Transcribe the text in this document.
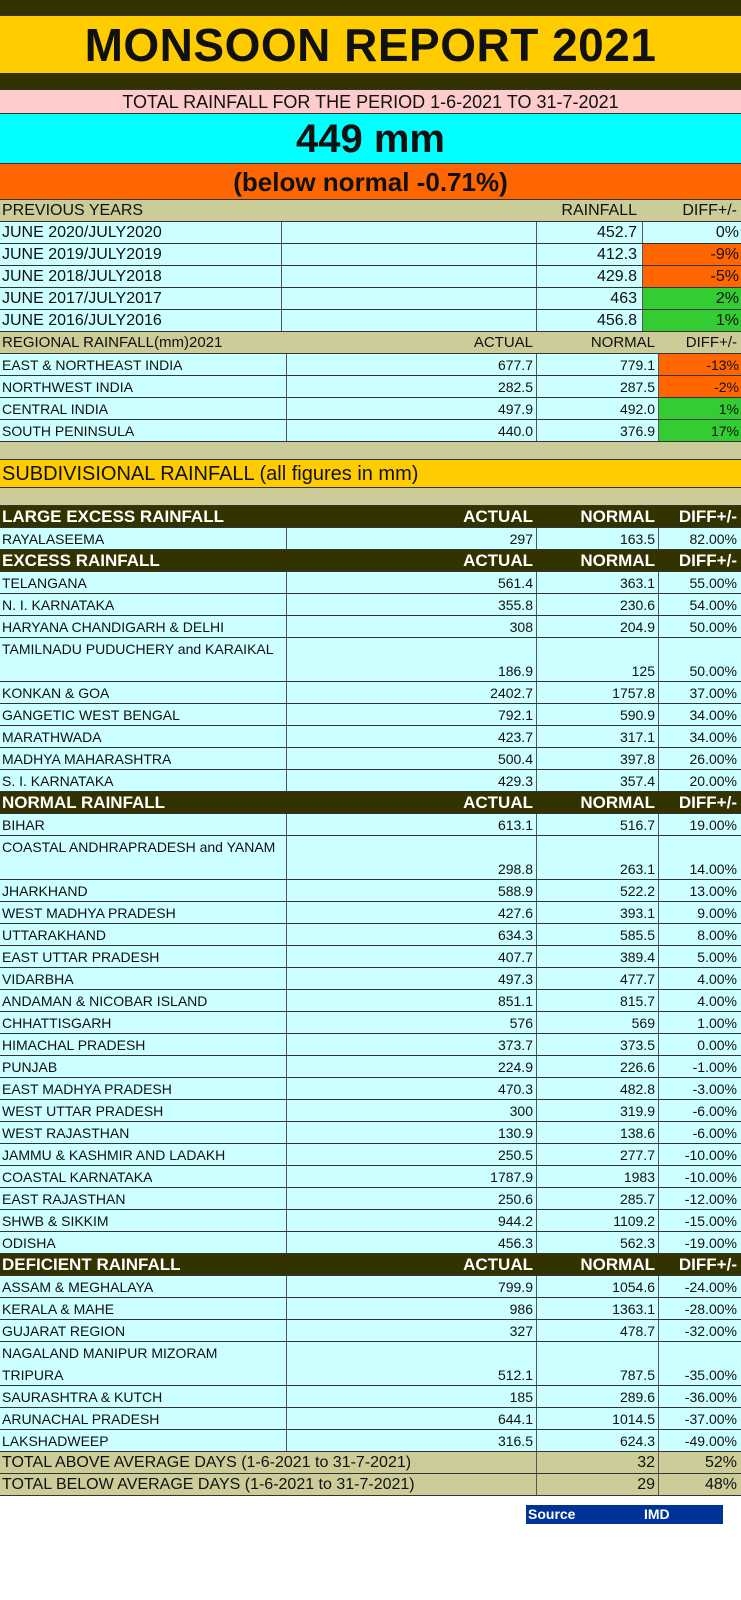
MONSOON REPORT 2021
TOTAL RAINFALL FOR THE PERIOD 1-6-2021 TO 31-7-2021
449 mm
(below normal -0.71%)
PREVIOUS YEARS	RAINFALL	DIFF+/-
JUNE 2020/JULY2020	452.7	0%
JUNE 2019/JULY2019	412.3	-9%
JUNE 2018/JULY2018	429.8	-5%
JUNE 2017/JULY2017	463	2%
JUNE 2016/JULY2016	456.8	1%
REGIONAL RAINFALL(mm)2021	ACTUAL	NORMAL	DIFF+/-
EAST & NORTHEAST INDIA	677.7	779.1	-13%
NORTHWEST INDIA	282.5	287.5	-2%
CENTRAL INDIA	497.9	492.0	1%
SOUTH PENINSULA	440.0	376.9	17%
SUBDIVISIONAL RAINFALL (all figures in mm)
LARGE EXCESS RAINFALL	ACTUAL	NORMAL	DIFF+/-
RAYALASEEMA	297	163.5	82.00%
EXCESS RAINFALL	ACTUAL	NORMAL	DIFF+/-
TELANGANA	561.4	363.1	55.00%
N. I. KARNATAKA	355.8	230.6	54.00%
HARYANA CHANDIGARH & DELHI	308	204.9	50.00%
TAMILNADU PUDUCHERY and KARAIKAL
186.9	125	50.00%
KONKAN & GOA	2402.7	1757.8	37.00%
GANGETIC WEST BENGAL	792.1	590.9	34.00%
MARATHWADA	423.7	317.1	34.00%
MADHYA MAHARASHTRA	500.4	397.8	26.00%
S. I. KARNATAKA	429.3	357.4	20.00%
NORMAL RAINFALL	ACTUAL	NORMAL	DIFF+/-
BIHAR	613.1	516.7	19.00%
COASTAL ANDHRAPRADESH and YANAM
298.8	263.1	14.00%
JHARKHAND	588.9	522.2	13.00%
WEST MADHYA PRADESH	427.6	393.1	9.00%
UTTARAKHAND	634.3	585.5	8.00%
EAST UTTAR PRADESH	407.7	389.4	5.00%
VIDARBHA	497.3	477.7	4.00%
ANDAMAN & NICOBAR ISLAND	851.1	815.7	4.00%
CHHATTISGARH	576	569	1.00%
HIMACHAL PRADESH	373.7	373.5	0.00%
PUNJAB	224.9	226.6	-1.00%
EAST MADHYA PRADESH	470.3	482.8	-3.00%
WEST UTTAR PRADESH	300	319.9	-6.00%
WEST RAJASTHAN	130.9	138.6	-6.00%
JAMMU & KASHMIR AND LADAKH	250.5	277.7	-10.00%
COASTAL KARNATAKA	1787.9	1983	-10.00%
EAST RAJASTHAN	250.6	285.7	-12.00%
SHWB & SIKKIM	944.2	1109.2	-15.00%
ODISHA	456.3	562.3	-19.00%
DEFICIENT RAINFALL	ACTUAL	NORMAL	DIFF+/-
ASSAM & MEGHALAYA	799.9	1054.6	-24.00%
KERALA & MAHE	986	1363.1	-28.00%
GUJARAT REGION	327	478.7	-32.00%
NAGALAND MANIPUR MIZORAM TRIPURA	512.1	787.5	-35.00%
SAURASHTRA & KUTCH	185	289.6	-36.00%
ARUNACHAL PRADESH	644.1	1014.5	-37.00%
LAKSHADWEEP	316.5	624.3	-49.00%
TOTAL ABOVE AVERAGE DAYS (1-6-2021 to 31-7-2021)	32	52%
TOTAL BELOW AVERAGE DAYS (1-6-2021 to 31-7-2021)	29	48%
Source	IMD
